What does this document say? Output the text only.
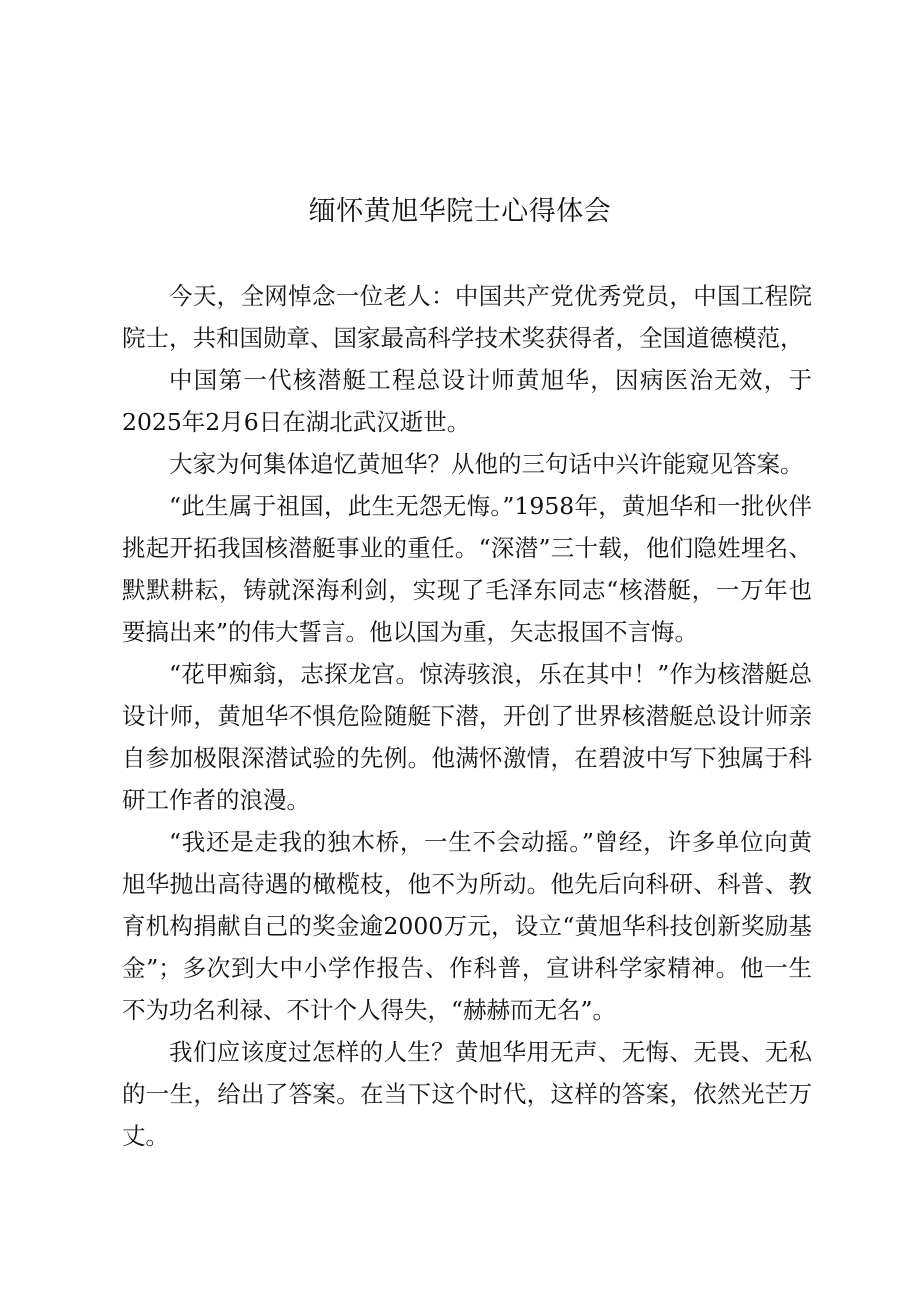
缅怀黄旭华院士心得体会

今天，全网悼念一位老人：中国共产党优秀党员，中国工程院院士，共和国勋章、国家最高科学技术奖获得者，全国道德模范，

中国第一代核潜艇工程总设计师黄旭华，因病医治无效，于2025年2月6日在湖北武汉逝世。

大家为何集体追忆黄旭华？从他的三句话中兴许能窥见答案。

“此生属于祖国，此生无怨无悔。”1958年，黄旭华和一批伙伴挑起开拓我国核潜艇事业的重任。“深潜”三十载，他们隐姓埋名、默默耕耘，铸就深海利剑，实现了毛泽东同志“核潜艇，一万年也要搞出来”的伟大誓言。他以国为重，矢志报国不言悔。

“花甲痴翁，志探龙宫。惊涛骇浪，乐在其中！”作为核潜艇总设计师，黄旭华不惧危险随艇下潜，开创了世界核潜艇总设计师亲自参加极限深潜试验的先例。他满怀激情，在碧波中写下独属于科研工作者的浪漫。

“我还是走我的独木桥，一生不会动摇。”曾经，许多单位向黄旭华抛出高待遇的橄榄枝，他不为所动。他先后向科研、科普、教育机构捐献自己的奖金逾2000万元，设立“黄旭华科技创新奖励基金”；多次到大中小学作报告、作科普，宣讲科学家精神。他一生不为功名利禄、不计个人得失，“赫赫而无名”。

我们应该度过怎样的人生？黄旭华用无声、无悔、无畏、无私的一生，给出了答案。在当下这个时代，这样的答案，依然光芒万丈。
